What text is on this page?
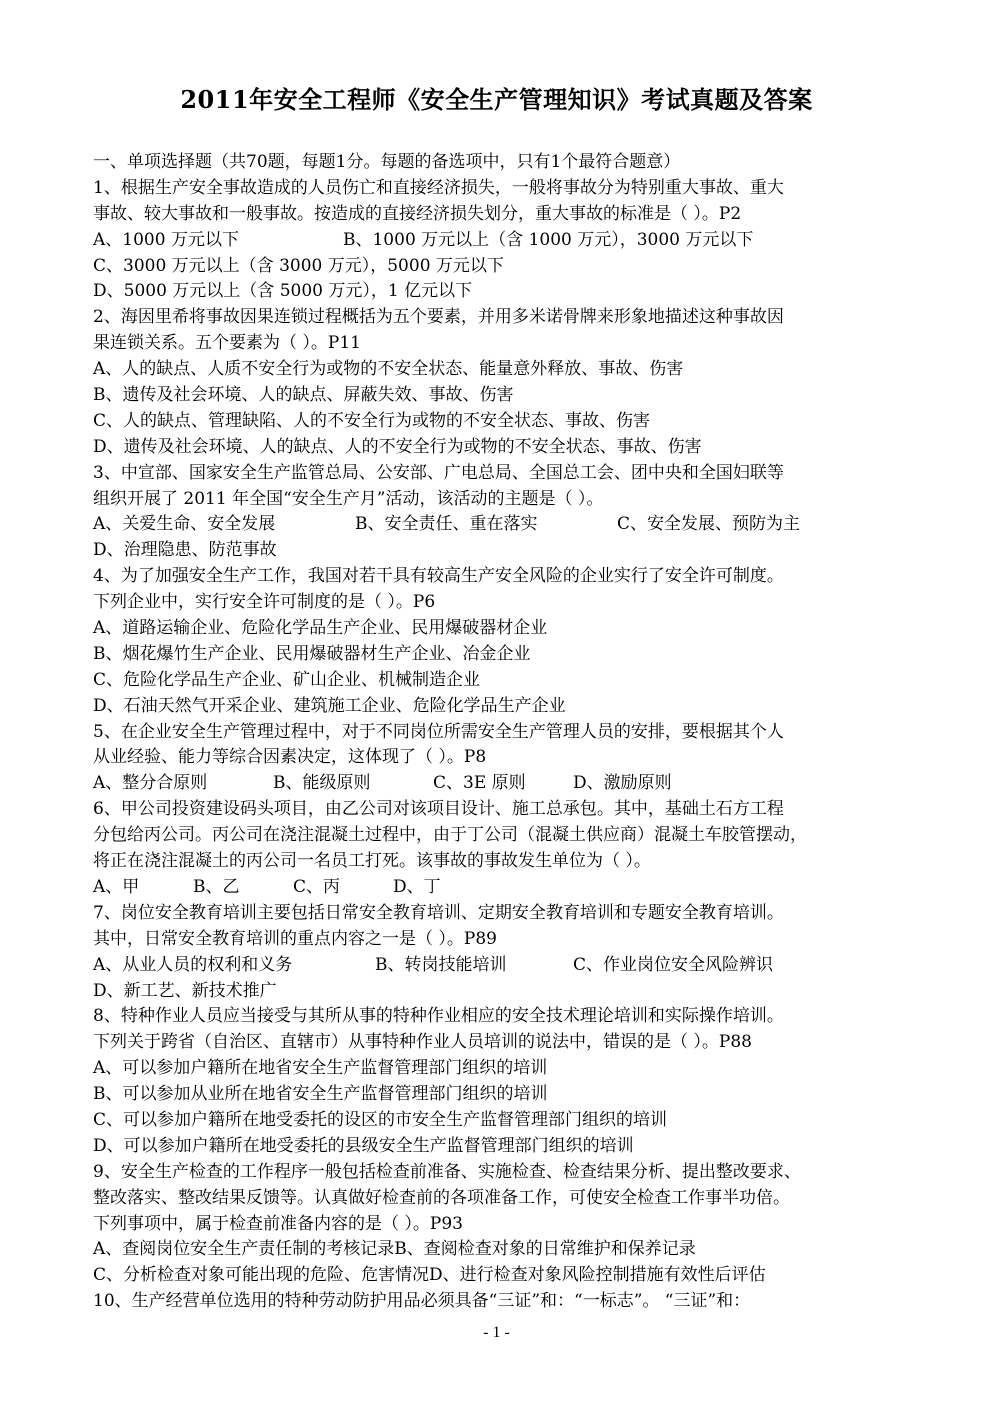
2011年安全工程师《安全生产管理知识》考试真题及答案
一、单项选择题（共70题，每题1分。每题的备选项中，只有1个最符合题意）
1、根据生产安全事故造成的人员伤亡和直接经济损失，一般将事故分为特别重大事故、重大
事故、较大事故和一般事故。按造成的直接经济损失划分，重大事故的标准是（ ）。P2
A、1000 万元以下	B、1000 万元以上（含 1000 万元），3000 万元以下
C、3000 万元以上（含 3000 万元），5000 万元以下
D、5000 万元以上（含 5000 万元），1 亿元以下
2、海因里希将事故因果连锁过程概括为五个要素，并用多米诺骨牌来形象地描述这种事故因
果连锁关系。五个要素为（ ）。P11
A、人的缺点、人质不安全行为或物的不安全状态、能量意外释放、事故、伤害
B、遗传及社会环境、人的缺点、屏蔽失效、事故、伤害
C、人的缺点、管理缺陷、人的不安全行为或物的不安全状态、事故、伤害
D、遗传及社会环境、人的缺点、人的不安全行为或物的不安全状态、事故、伤害
3、中宣部、国家安全生产监管总局、公安部、广电总局、全国总工会、团中央和全国妇联等
组织开展了 2011 年全国“安全生产月”活动，该活动的主题是（ ）。
A、关爱生命、安全发展	B、安全责任、重在落实	C、安全发展、预防为主
D、治理隐患、防范事故
4、为了加强安全生产工作，我国对若干具有较高生产安全风险的企业实行了安全许可制度。
下列企业中，实行安全许可制度的是（ ）。P6
A、道路运输企业、危险化学品生产企业、民用爆破器材企业
B、烟花爆竹生产企业、民用爆破器材生产企业、冶金企业
C、危险化学品生产企业、矿山企业、机械制造企业
D、石油天然气开采企业、建筑施工企业、危险化学品生产企业
5、在企业安全生产管理过程中，对于不同岗位所需安全生产管理人员的安排，要根据其个人
从业经验、能力等综合因素决定，这体现了（ ）。P8
A、整分合原则	B、能级原则	C、3E 原则	D、激励原则
6、甲公司投资建设码头项目，由乙公司对该项目设计、施工总承包。其中，基础土石方工程
分包给丙公司。丙公司在浇注混凝土过程中，由于丁公司（混凝土供应商）混凝土车胶管摆动，
将正在浇注混凝土的丙公司一名员工打死。该事故的事故发生单位为（ ）。
A、甲	B、乙	C、丙	D、丁
7、岗位安全教育培训主要包括日常安全教育培训、定期安全教育培训和专题安全教育培训。
其中，日常安全教育培训的重点内容之一是（ ）。P89
A、从业人员的权利和义务	B、转岗技能培训	C、作业岗位安全风险辨识
D、新工艺、新技术推广
8、特种作业人员应当接受与其所从事的特种作业相应的安全技术理论培训和实际操作培训。
下列关于跨省（自治区、直辖市）从事特种作业人员培训的说法中，错误的是（ ）。P88
A、可以参加户籍所在地省安全生产监督管理部门组织的培训
B、可以参加从业所在地省安全生产监督管理部门组织的培训
C、可以参加户籍所在地受委托的设区的市安全生产监督管理部门组织的培训
D、可以参加户籍所在地受委托的县级安全生产监督管理部门组织的培训
9、安全生产检查的工作程序一般包括检查前准备、实施检查、检查结果分析、提出整改要求、
整改落实、整改结果反馈等。认真做好检查前的各项准备工作，可使安全检查工作事半功倍。
下列事项中，属于检查前准备内容的是（ ）。P93
A、查阅岗位安全生产责任制的考核记录 B、查阅检查对象的日常维护和保养记录
C、分析检查对象可能出现的危险、危害情况 D、进行检查对象风险控制措施有效性后评估
10、生产经营单位选用的特种劳动防护用品必须具备“三证”和：“一标志”。 “三证”和：
- 1 -
